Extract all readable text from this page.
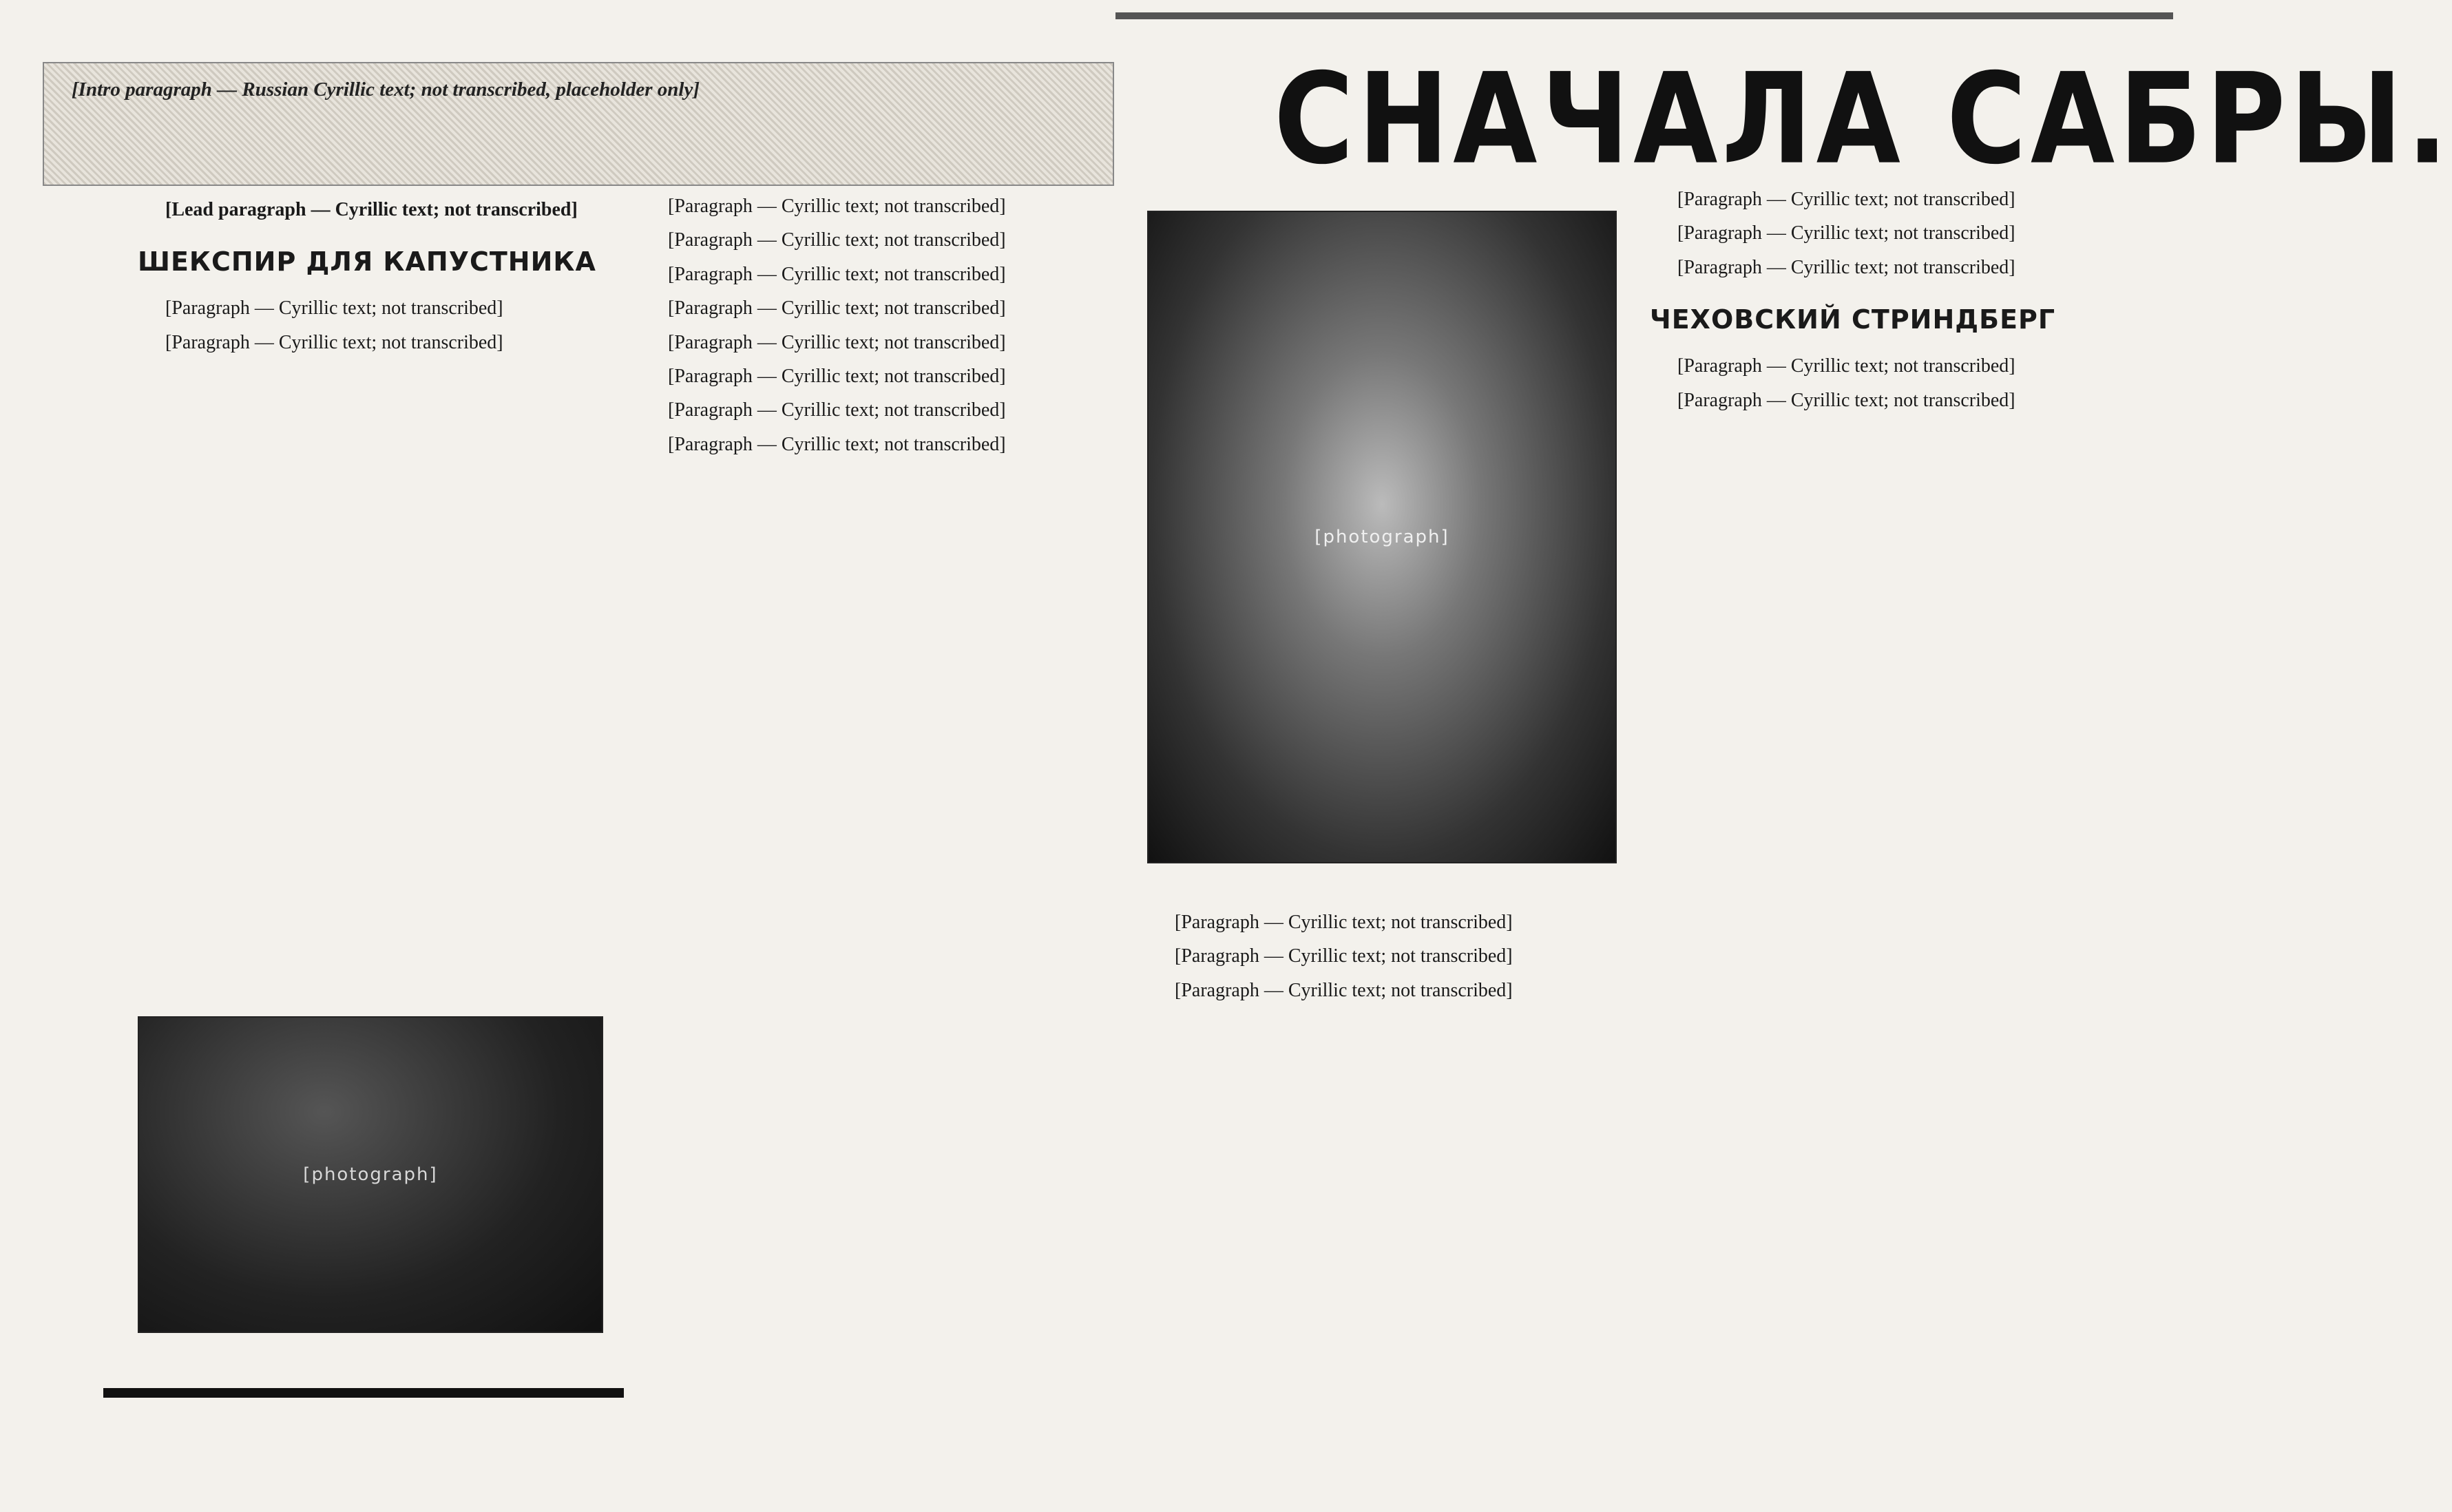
[Intro paragraph — Russian Cyrillic text; not transcribed, placeholder only]	СНАЧАЛА САБРЫ.

[Lead paragraph — Cyrillic text; not transcribed]

ШЕКСПИР ДЛЯ КАПУСТНИКА

[Paragraph — Cyrillic text; not transcribed]

[Paragraph — Cyrillic text; not transcribed]

[photograph]

[Paragraph — Cyrillic text; not transcribed]

[Paragraph — Cyrillic text; not transcribed]

[Paragraph — Cyrillic text; not transcribed]

[Paragraph — Cyrillic text; not transcribed]

[Paragraph — Cyrillic text; not transcribed]

[Paragraph — Cyrillic text; not transcribed]

[Paragraph — Cyrillic text; not transcribed]

[Paragraph — Cyrillic text; not transcribed]

[photograph]

[Paragraph — Cyrillic text; not transcribed]

[Paragraph — Cyrillic text; not transcribed]

[Paragraph — Cyrillic text; not transcribed]

[Paragraph — Cyrillic text; not transcribed]

[Paragraph — Cyrillic text; not transcribed]

[Paragraph — Cyrillic text; not transcribed]

ЧЕХОВСКИЙ СТРИНДБЕРГ

[Paragraph — Cyrillic text; not transcribed]

[Paragraph — Cyrillic text; not transcribed]
